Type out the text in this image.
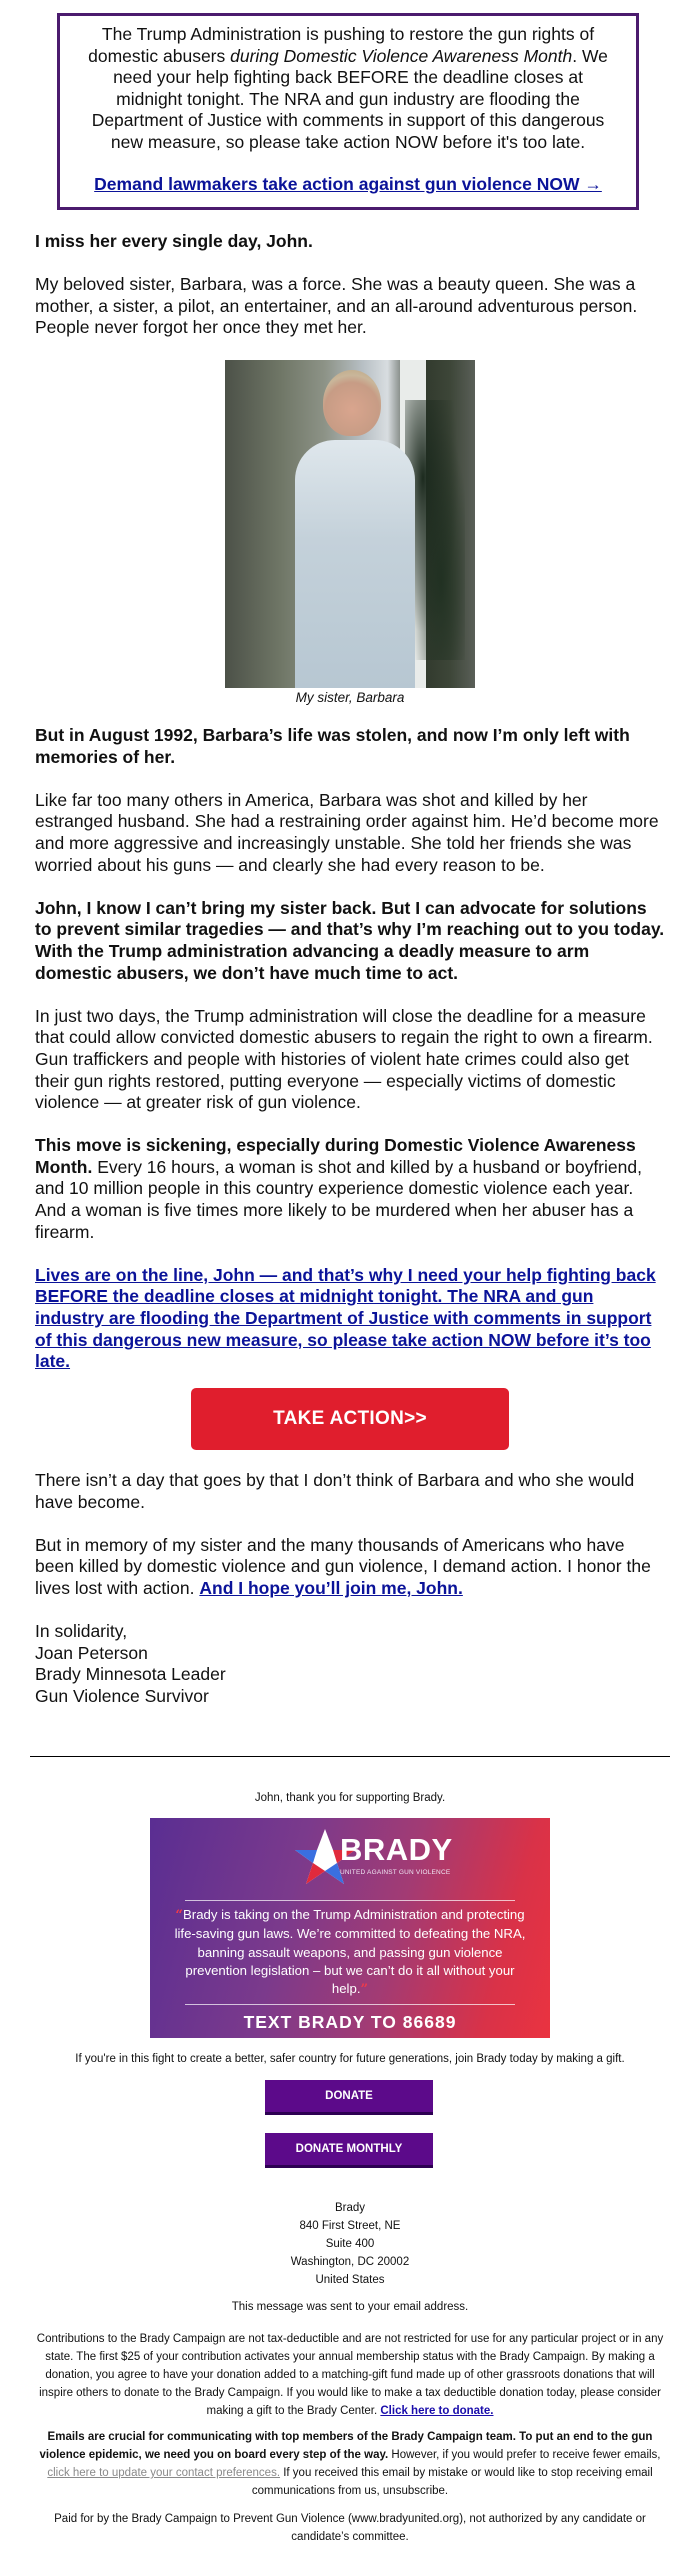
The Trump Administration is pushing to restore the gun rights of domestic abusers during Domestic Violence Awareness Month. We need your help fighting back BEFORE the deadline closes at midnight tonight. The NRA and gun industry are flooding the Department of Justice with comments in support of this dangerous new measure, so please take action NOW before it's too late.
Demand lawmakers take action against gun violence NOW →

I miss her every single day, John.

My beloved sister, Barbara, was a force. She was a beauty queen. She was a mother, a sister, a pilot, an entertainer, and an all-around adventurous person. People never forgot her once they met her.

My sister, Barbara

But in August 1992, Barbara’s life was stolen, and now I’m only left with memories of her.

Like far too many others in America, Barbara was shot and killed by her estranged husband. She had a restraining order against him. He’d become more and more aggressive and increasingly unstable. She told her friends she was worried about his guns — and clearly she had every reason to be.

John, I know I can’t bring my sister back. But I can advocate for solutions to prevent similar tragedies — and that’s why I’m reaching out to you today. With the Trump administration advancing a deadly measure to arm domestic abusers, we don’t have much time to act.

In just two days, the Trump administration will close the deadline for a measure that could allow convicted domestic abusers to regain the right to own a firearm. Gun traffickers and people with histories of violent hate crimes could also get their gun rights restored, putting everyone — especially victims of domestic violence — at greater risk of gun violence.

This move is sickening, especially during Domestic Violence Awareness Month. Every 16 hours, a woman is shot and killed by a husband or boyfriend, and 10 million people in this country experience domestic violence each year. And a woman is five times more likely to be murdered when her abuser has a firearm.

Lives are on the line, John — and that’s why I need your help fighting back BEFORE the deadline closes at midnight tonight. The NRA and gun industry are flooding the Department of Justice with comments in support of this dangerous new measure, so please take action NOW before it’s too late.

TAKE ACTION>>

There isn’t a day that goes by that I don’t think of Barbara and who she would have become.

But in memory of my sister and the many thousands of Americans who have been killed by domestic violence and gun violence, I demand action. I honor the lives lost with action. And I hope you’ll join me, John.

In solidarity,
Joan Peterson
Brady Minnesota Leader
Gun Violence Survivor

John, thank you for supporting Brady.

BRADY
UNITED AGAINST GUN VIOLENCE
“Brady is taking on the Trump Administration and protecting life-saving gun laws. We’re committed to defeating the NRA, banning assault weapons, and passing gun violence prevention legislation – but we can’t do it all without your help.”
TEXT BRADY TO 86689

If you're in this fight to create a better, safer country for future generations, join Brady today by making a gift.

DONATE
DONATE MONTHLY

Brady

840 First Street, NE

Suite 400

Washington, DC 20002

United States

This message was sent to your email address.

Contributions to the Brady Campaign are not tax-deductible and are not restricted for use for any particular project or in any state. The first $25 of your contribution activates your annual membership status with the Brady Campaign. By making a donation, you agree to have your donation added to a matching-gift fund made up of other grassroots donations that will inspire others to donate to the Brady Campaign. If you would like to make a tax deductible donation today, please consider making a gift to the Brady Center. Click here to donate.

Emails are crucial for communicating with top members of the Brady Campaign team. To put an end to the gun violence epidemic, we need you on board every step of the way. However, if you would prefer to receive fewer emails, click here to update your contact preferences. If you received this email by mistake or would like to stop receiving email communications from us, unsubscribe.

Paid for by the Brady Campaign to Prevent Gun Violence (www.bradyunited.org), not authorized by any candidate or candidate’s committee.
